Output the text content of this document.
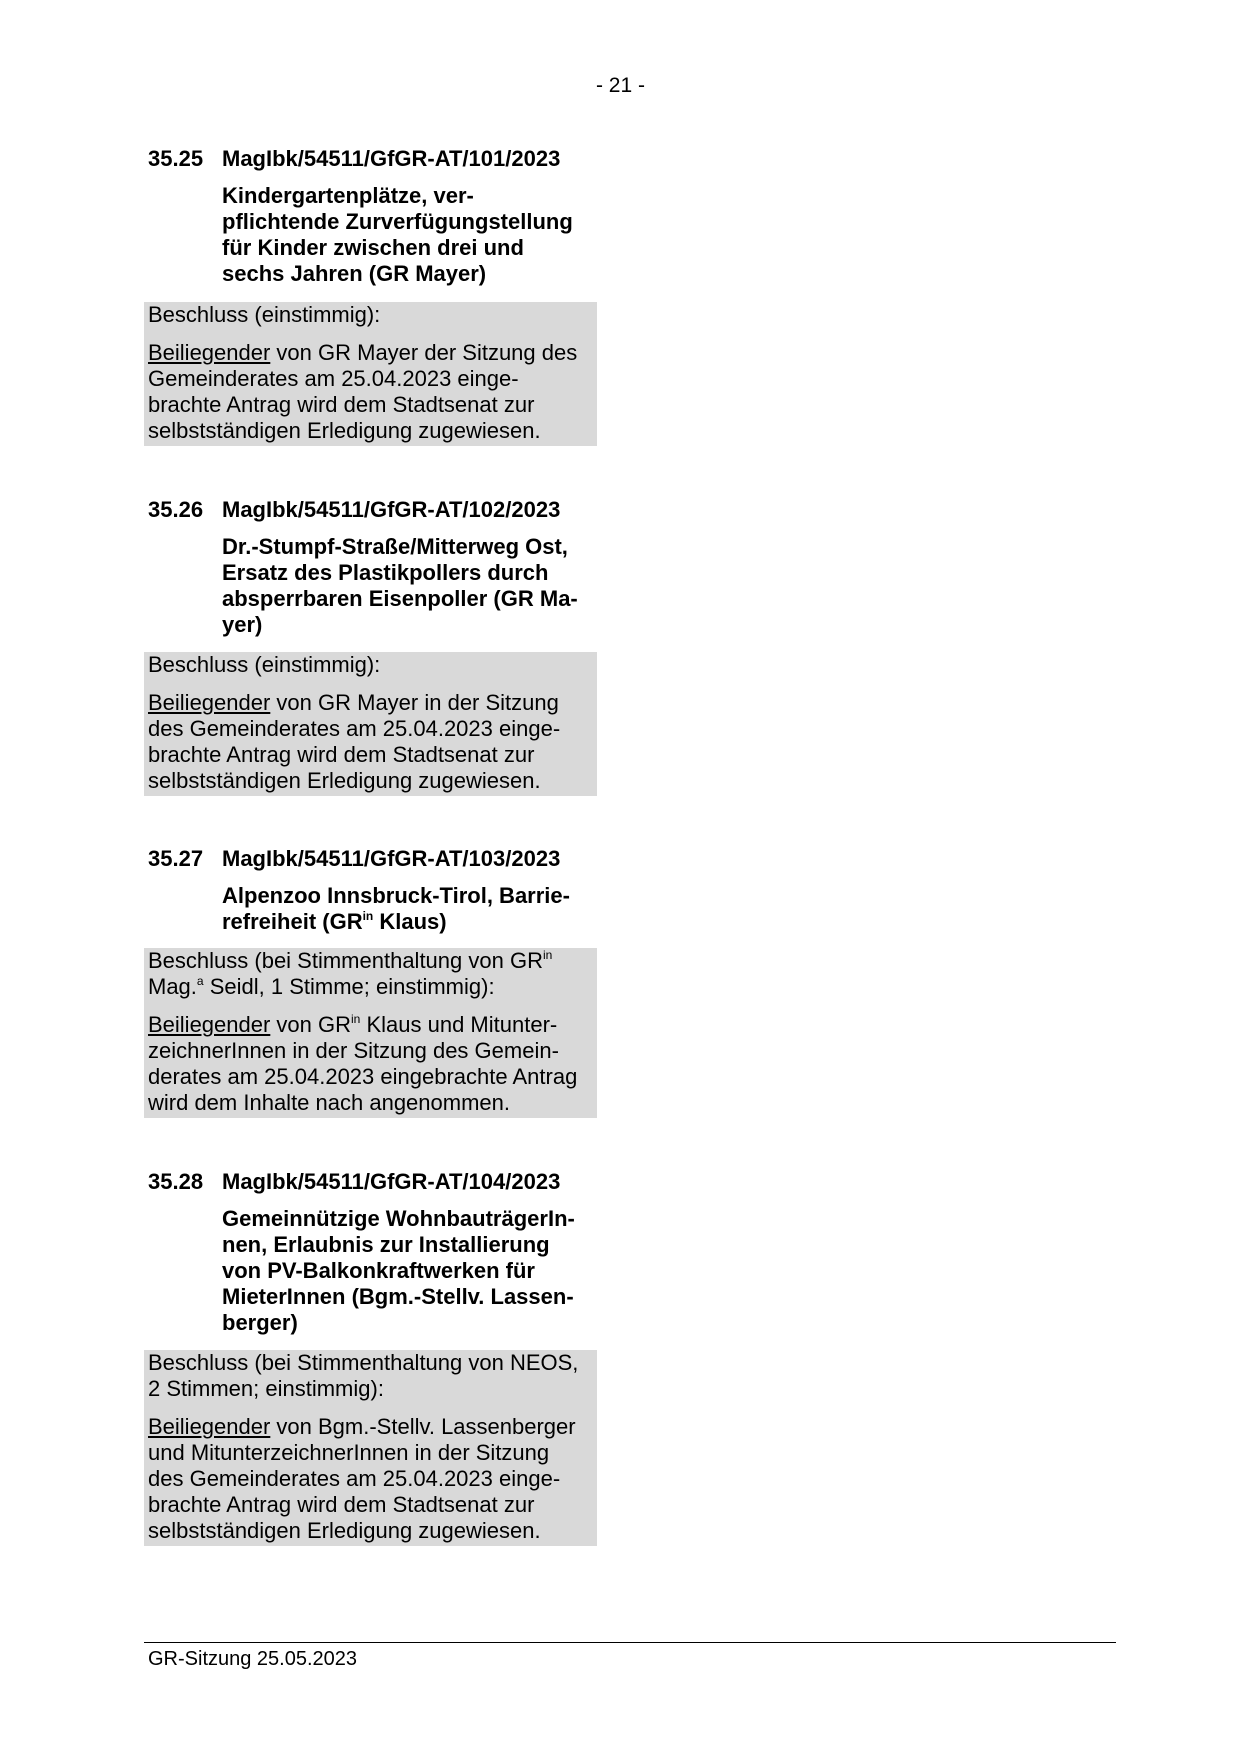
- 21 -
35.25 MagIbk/54511/GfGR-AT/101/2023
Kindergartenplätze, ver-
pflichtende Zurverfügungstellung
für Kinder zwischen drei und
sechs Jahren (GR Mayer)

Beschluss (einstimmig):

Beiliegender von GR Mayer der Sitzung des
Gemeinderates am 25.04.2023 einge-
brachte Antrag wird dem Stadtsenat zur
selbstständigen Erledigung zugewiesen.

35.26 MagIbk/54511/GfGR-AT/102/2023
Dr.-Stumpf-Straße/Mitterweg Ost,
Ersatz des Plastikpollers durch
absperrbaren Eisenpoller (GR Ma-
yer)

Beschluss (einstimmig):

Beiliegender von GR Mayer in der Sitzung
des Gemeinderates am 25.04.2023 einge-
brachte Antrag wird dem Stadtsenat zur
selbstständigen Erledigung zugewiesen.

35.27 MagIbk/54511/GfGR-AT/103/2023
Alpenzoo Innsbruck-Tirol, Barrie-
refreiheit ($GR^{in}$ Klaus)

Beschluss (bei Stimmenthaltung von $GR^{in}$
Mag.$^a$ Seidl, 1 Stimme; einstimmig):

Beiliegender von $GR^{in}$ Klaus und Mitunter-
zeichnerInnen in der Sitzung des Gemein-
derates am 25.04.2023 eingebrachte Antrag
wird dem Inhalte nach angenommen.

35.28 MagIbk/54511/GfGR-AT/104/2023
Gemeinnützige WohnbauträgerIn-
nen, Erlaubnis zur Installierung
von PV-Balkonkraftwerken für
MieterInnen (Bgm.-Stellv. Lassen-
berger)

Beschluss (bei Stimmenthaltung von NEOS,
2 Stimmen; einstimmig):

Beiliegender von Bgm.-Stellv. Lassenberger
und MitunterzeichnerInnen in der Sitzung
des Gemeinderates am 25.04.2023 einge-
brachte Antrag wird dem Stadtsenat zur
selbstständigen Erledigung zugewiesen.

GR-Sitzung 25.05.2023
